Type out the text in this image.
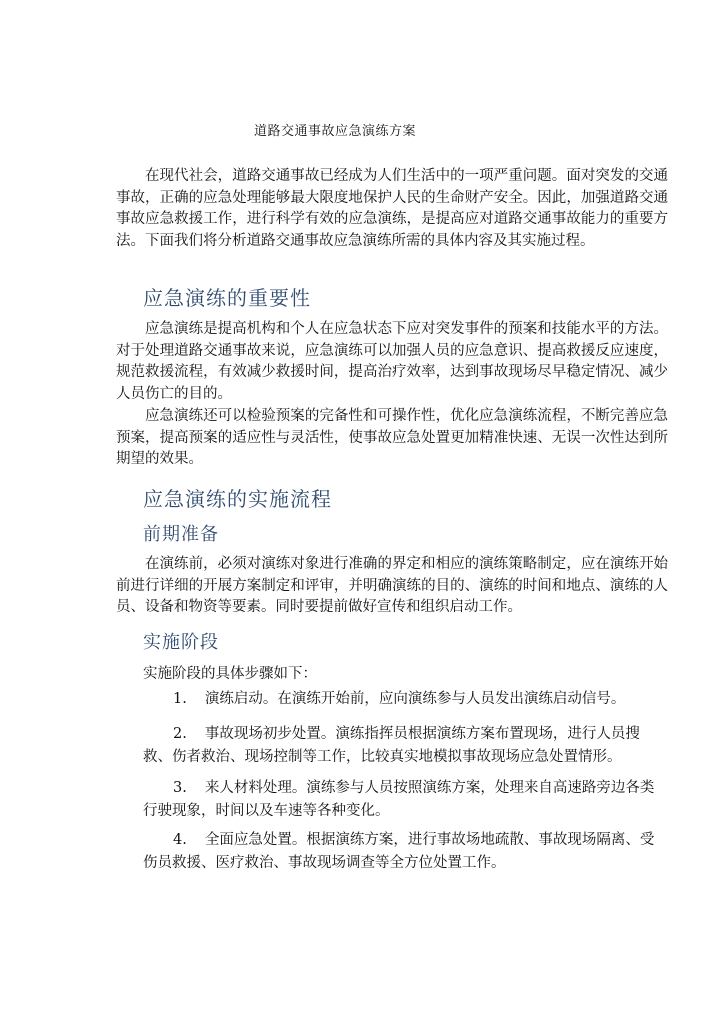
道路交通事故应急演练方案

在现代社会，道路交通事故已经成为人们生活中的一项严重问题。面对突发的交通事故，正确的应急处理能够最大限度地保护人民的生命财产安全。因此，加强道路交通事故应急救援工作，进行科学有效的应急演练，是提高应对道路交通事故能力的重要方法。下面我们将分析道路交通事故应急演练所需的具体内容及其实施过程。

应急演练的重要性

应急演练是提高机构和个人在应急状态下应对突发事件的预案和技能水平的方法。对于处理道路交通事故来说，应急演练可以加强人员的应急意识、提高救援反应速度，规范救援流程，有效减少救援时间，提高治疗效率，达到事故现场尽早稳定情况、减少人员伤亡的目的。

应急演练还可以检验预案的完备性和可操作性，优化应急演练流程，不断完善应急预案，提高预案的适应性与灵活性，使事故应急处置更加精准快速、无误一次性达到所期望的效果。

应急演练的实施流程
前期准备

在演练前，必须对演练对象进行准确的界定和相应的演练策略制定，应在演练开始前进行详细的开展方案制定和评审，并明确演练的目的、演练的时间和地点、演练的人员、设备和物资等要素。同时要提前做好宣传和组织启动工作。

实施阶段

实施阶段的具体步骤如下：

1. 演练启动。在演练开始前，应向演练参与人员发出演练启动信号。
2. 事故现场初步处置。演练指挥员根据演练方案布置现场，进行人员搜救、伤者救治、现场控制等工作，比较真实地模拟事故现场应急处置情形。
3. 来人材料处理。演练参与人员按照演练方案，处理来自高速路旁边各类行驶现象，时间以及车速等各种变化。
4. 全面应急处置。根据演练方案，进行事故场地疏散、事故现场隔离、受伤员救援、医疗救治、事故现场调查等全方位处置工作。
